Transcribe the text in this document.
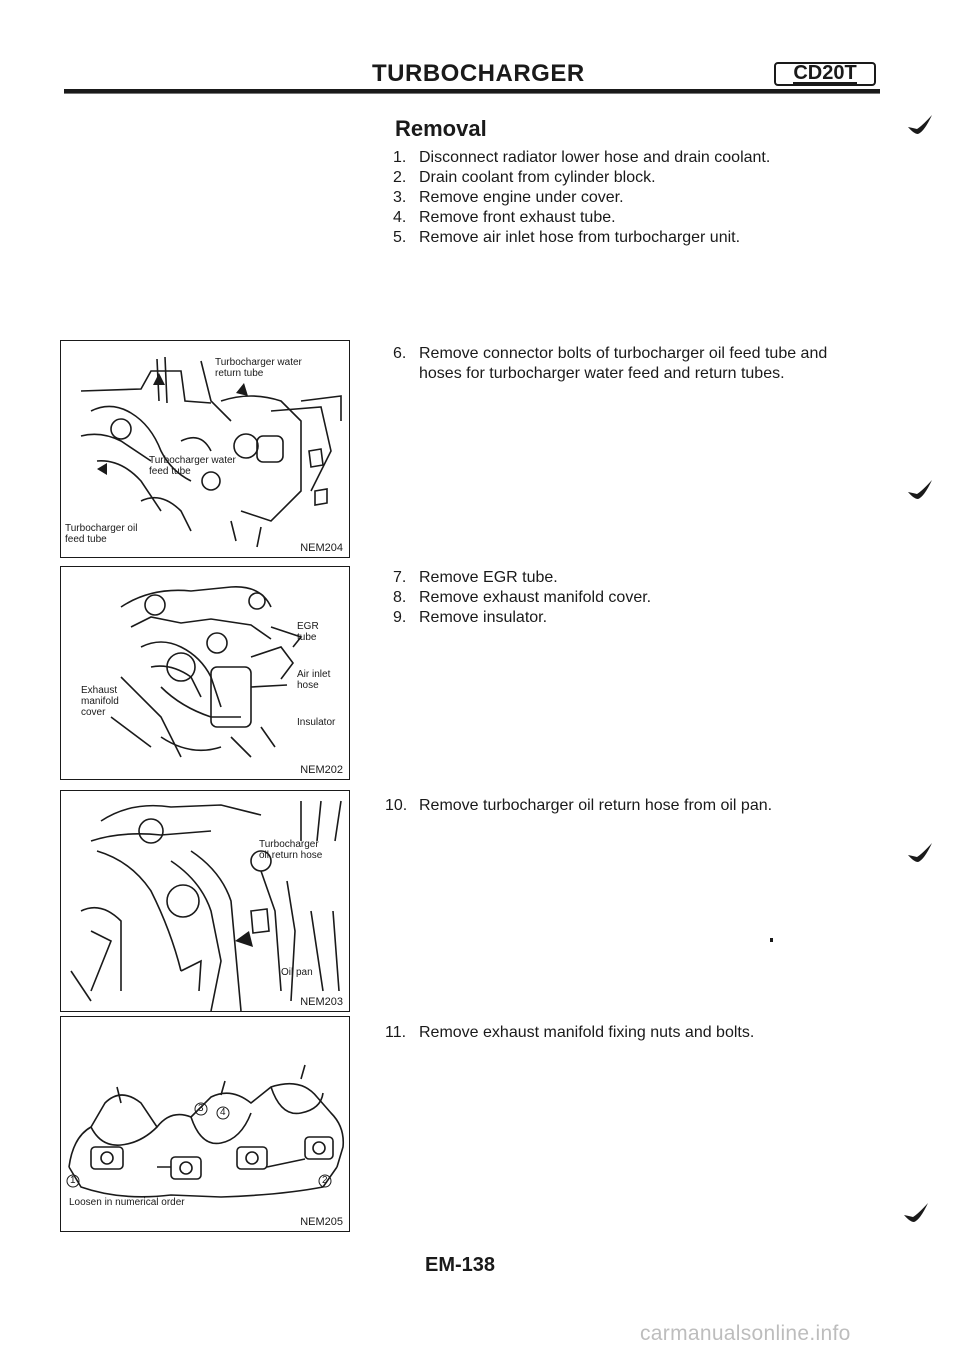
TURBOCHARGER	CD20T
Removal
1. Disconnect radiator lower hose and drain coolant.
2. Drain coolant from cylinder block.
3. Remove engine under cover.
4. Remove front exhaust tube.
5. Remove air inlet hose from turbocharger unit.
6. Remove connector bolts of turbocharger oil feed tube and
hoses for turbocharger water feed and return tubes.
7. Remove EGR tube.
8. Remove exhaust manifold cover.
9. Remove insulator.
10. Remove turbocharger oil return hose from oil pan.
11. Remove exhaust manifold fixing nuts and bolts.
Turbocharger water
return tube
Turbocharger water
feed tube
Turbocharger oil
feed tube
NEM204
EGR
tube
Air inlet
hose
Insulator
Exhaust
manifold
cover
NEM202
Turbocharger
oil return hose
Oil pan
NEM203
1	2
3 4
Loosen in numerical order
NEM205
EM-138
carmanualsonline.info
